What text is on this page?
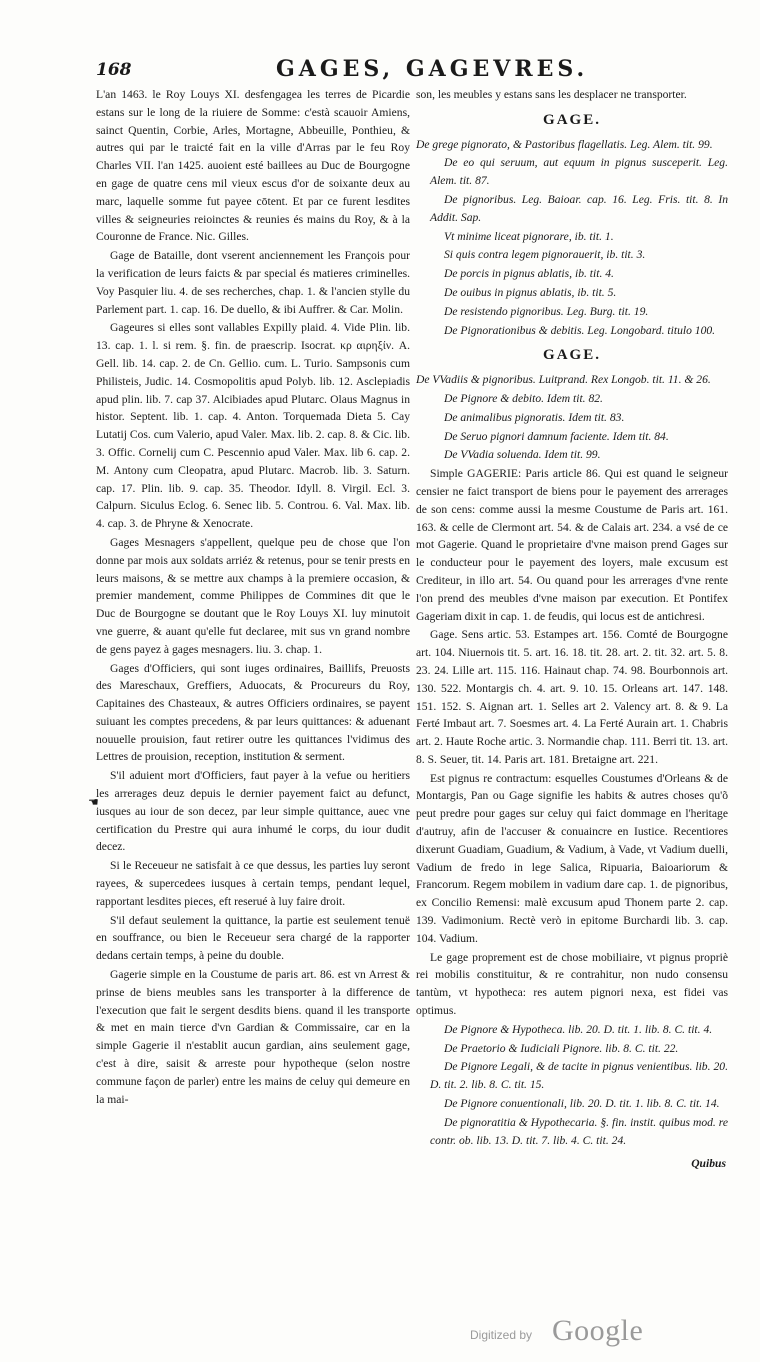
168	GAGES, GAGEVRES.
☚

L'an 1463. le Roy Louys XI. desfengagea les terres de Picardie estans sur le long de la riuiere de Somme: c'està scauoir Amiens, sainct Quentin, Corbie, Arles, Mortagne, Abbeuille, Ponthieu, & autres qui par le traicté fait en la ville d'Arras par le feu Roy Charles VII. l'an 1425. auoient esté baillees au Duc de Bourgogne en gage de quatre cens mil vieux escus d'or de soixante deux au marc, laquelle somme fut payee cōtent. Et par ce furent lesdites villes & seigneuries reioinctes & reunies és mains du Roy, & à la Couronne de France. Nic. Gilles.

Gage de Bataille, dont vserent anciennement les François pour la verification de leurs faicts & par special és matieres criminelles. Voy Pasquier liu. 4. de ses recherches, chap. 1. & l'ancien stylle du Parlement part. 1. cap. 16. De duello, & ibi Auffrer. & Car. Molin.

Gageures si elles sont vallables Expilly plaid. 4. Vide Plin. lib. 13. cap. 1. l. si rem. §. fin. de praescrip. Isocrat. κρ αιρηξίν. A. Gell. lib. 14. cap. 2. de Cn. Gellio. cum. L. Turio. Sampsonis cum Philisteis, Judic. 14. Cosmopolitis apud Polyb. lib. 12. Asclepiadis apud plin. lib. 7. cap 37. Alcibiades apud Plutarc. Olaus Magnus in histor. Septent. lib. 1. cap. 4. Anton. Torquemada Dieta 5. Cay Lutatij Cos. cum Valerio, apud Valer. Max. lib. 2. cap. 8. & Cic. lib. 3. Offic. Cornelij cum C. Pescennio apud Valer. Max. lib 6. cap. 2. M. Antony cum Cleopatra, apud Plutarc. Macrob. lib. 3. Saturn. cap. 17. Plin. lib. 9. cap. 35. Theodor. Idyll. 8. Virgil. Ecl. 3. Calpurn. Siculus Eclog. 6. Senec lib. 5. Controu. 6. Val. Max. lib. 4. cap. 3. de Phryne & Xenocrate.

Gages Mesnagers s'appellent, quelque peu de chose que l'on donne par mois aux soldats arriéz & retenus, pour se tenir prests en leurs maisons, & se mettre aux champs à la premiere occasion, & premier mandement, comme Philippes de Commines dit que le Duc de Bourgogne se doutant que le Roy Louys XI. luy minutoit vne guerre, & auant qu'elle fut declaree, mit sus vn grand nombre de gens payez à gages mesnagers. liu. 3. chap. 1.

Gages d'Officiers, qui sont iuges ordinaires, Baillifs, Preuosts des Mareschaux, Greffiers, Aduocats, & Procureurs du Roy, Capitaines des Chasteaux, & autres Officiers ordinaires, se payent suiuant les comptes precedens, & par leurs quittances: & aduenant nouuelle prouision, faut retirer outre les quittances l'vidimus des Lettres de prouision, reception, institution & serment.

S'il aduient mort d'Officiers, faut payer à la vefue ou heritiers les arrerages deuz depuis le dernier payement faict au defunct, iusques au iour de son decez, par leur simple quittance, auec vne certification du Prestre qui aura inhumé le corps, du iour dudit decez.

Si le Receueur ne satisfait à ce que dessus, les parties luy seront rayees, & supercedees iusques à certain temps, pendant lequel, rapportant lesdites pieces, eft reserué à luy faire droit.

S'il defaut seulement la quittance, la partie est seulement tenuë en souffrance, ou bien le Receueur sera chargé de la rapporter dedans certain temps, à peine du double.

Gagerie simple en la Coustume de paris art. 86. est vn Arrest & prinse de biens meubles sans les transporter à la difference de l'execution que fait le sergent desdits biens. quand il les transporte & met en main tierce d'vn Gardian & Commissaire, car en la simple Gagerie il n'establit aucun gardian, ains seulement gage, c'est à dire, saisit & arreste pour hypotheque (selon nostre commune façon de parler) entre les mains de celuy qui demeure en la mai-

son, les meubles y estans sans les desplacer ne transporter.

GAGE.

De grege pignorato, & Pastoribus flagellatis. Leg. Alem. tit. 99.

De eo qui seruum, aut equum in pignus susceperit. Leg. Alem. tit. 87.

De pignoribus. Leg. Baioar. cap. 16. Leg. Fris. tit. 8. In Addit. Sap.

Vt minime liceat pignorare, ib. tit. 1.

Si quis contra legem pignorauerit, ib. tit. 3.

De porcis in pignus ablatis, ib. tit. 4.

De ouibus in pignus ablatis, ib. tit. 5.

De resistendo pignoribus. Leg. Burg. tit. 19.

De Pignorationibus & debitis. Leg. Longobard. titulo 100.

GAGE.

De VVadiis & pignoribus. Luitprand. Rex Longob. tit. 11. & 26.

De Pignore & debito. Idem tit. 82.

De animalibus pignoratis. Idem tit. 83.

De Seruo pignori damnum faciente. Idem tit. 84.

De VVadia soluenda. Idem tit. 99.

Simple GAGERIE: Paris article 86. Qui est quand le seigneur censier ne faict transport de biens pour le payement des arrerages de son cens: comme aussi la mesme Coustume de Paris art. 161. 163. & celle de Clermont art. 54. & de Calais art. 234. a vsé de ce mot Gagerie. Quand le proprietaire d'vne maison prend Gages sur le conducteur pour le payement des loyers, male excusum est Crediteur, in illo art. 54. Ou quand pour les arrerages d'vne rente l'on prend des meubles d'vne maison par execution. Et Pontifex Gageriam dixit in cap. 1. de feudis, qui locus est de antichresi.

Gage. Sens artic. 53. Estampes art. 156. Comté de Bourgogne art. 104. Niuernois tit. 5. art. 16. 18. tit. 28. art. 2. tit. 32. art. 5. 8. 23. 24. Lille art. 115. 116. Hainaut chap. 74. 98. Bourbonnois art. 130. 522. Montargis ch. 4. art. 9. 10. 15. Orleans art. 147. 148. 151. 152. S. Aignan art. 1. Selles art 2. Valency art. 8. & 9. La Ferté Imbaut art. 7. Soesmes art. 4. La Ferté Aurain art. 1. Chabris art. 2. Haute Roche artic. 3. Normandie chap. 111. Berri tit. 13. art. 8. S. Seuer, tit. 14. Paris art. 181. Bretaigne art. 221.

Est pignus re contractum: esquelles Coustumes d'Orleans & de Montargis, Pan ou Gage signifie les habits & autres choses qu'õ peut predre pour gages sur celuy qui faict dommage en l'heritage d'autruy, afin de l'accuser & conuaincre en Iustice. Recentiores dixerunt Guadiam, Guadium, & Vadium, à Vade, vt Vadium duelli, Vadium de fredo in lege Salica, Ripuaria, Baioariorum & Francorum. Regem mobilem in vadium dare cap. 1. de pignoribus, ex Concilio Remensi: malè excusum apud Thonem parte 2. cap. 139. Vadimonium. Rectè verò in epitome Burchardi lib. 3. cap. 104. Vadium.

Le gage proprement est de chose mobiliaire, vt pignus propriè rei mobilis constituitur, & re contrahitur, non nudo consensu tantùm, vt hypotheca: res autem pignori nexa, est fidei vas optimus.

De Pignore & Hypotheca. lib. 20. D. tit. 1. lib. 8. C. tit. 4.

De Praetorio & Iudiciali Pignore. lib. 8. C. tit. 22.

De Pignore Legali, & de tacite in pignus venientibus. lib. 20. D. tit. 2. lib. 8. C. tit. 15.

De Pignore conuentionali, lib. 20. D. tit. 1. lib. 8. C. tit. 14.

De pignoratitia & Hypothecaria. §. fin. instit. quibus mod. re contr. ob. lib. 13. D. tit. 7. lib. 4. C. tit. 24.

Quibus
Digitized by Google
